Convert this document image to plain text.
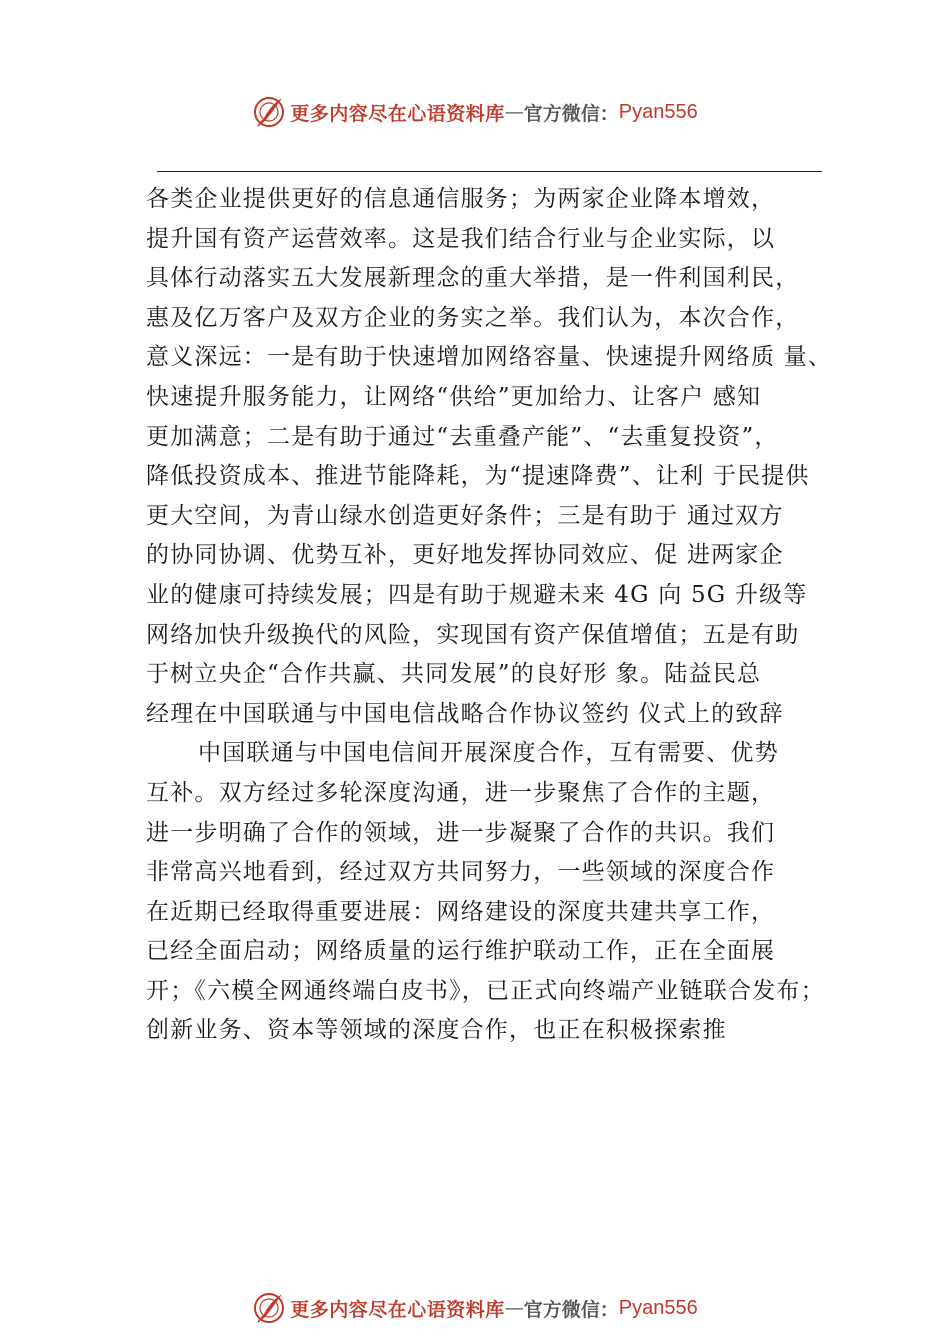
更多内容尽在心语资料库 — 官方微信： Pyan556
各类企业提供更好的信息通信服务；为两家企业降本增效，
提升国有资产运营效率。这是我们结合行业与企业实际，以
具体行动落实五大发展新理念的重大举措，是一件利国利民，
惠及亿万客户及双方企业的务实之举。我们认为，本次合作，
意义深远：一是有助于快速增加网络容量、快速提升网络质 量、
快速提升服务能力，让网络“供给”更加给力、让客户 感知
更加满意；二是有助于通过“去重叠产能”、“去重复投资”，
降低投资成本、推进节能降耗，为“提速降费”、让利 于民提供
更大空间，为青山绿水创造更好条件；三是有助于 通过双方
的协同协调、优势互补，更好地发挥协同效应、促 进两家企
业的健康可持续发展；四是有助于规避未来 4G 向 5G 升级等
网络加快升级换代的风险，实现国有资产保值增值；五是有助
于树立央企“合作共赢、共同发展”的良好形 象。陆益民总
经理在中国联通与中国电信战略合作协议签约 仪式上的致辞
中国联通与中国电信间开展深度合作，互有需要、优势
互补。双方经过多轮深度沟通，进一步聚焦了合作的主题，
进一步明确了合作的领域，进一步凝聚了合作的共识。我们
非常高兴地看到，经过双方共同努力，一些领域的深度合作
在近期已经取得重要进展：网络建设的深度共建共享工作，
已经全面启动；网络质量的运行维护联动工作，正在全面展
开；《六模全网通终端白皮书》，已正式向终端产业链联合发布；
创新业务、资本等领域的深度合作，也正在积极探索推
更多内容尽在心语资料库 — 官方微信： Pyan556
